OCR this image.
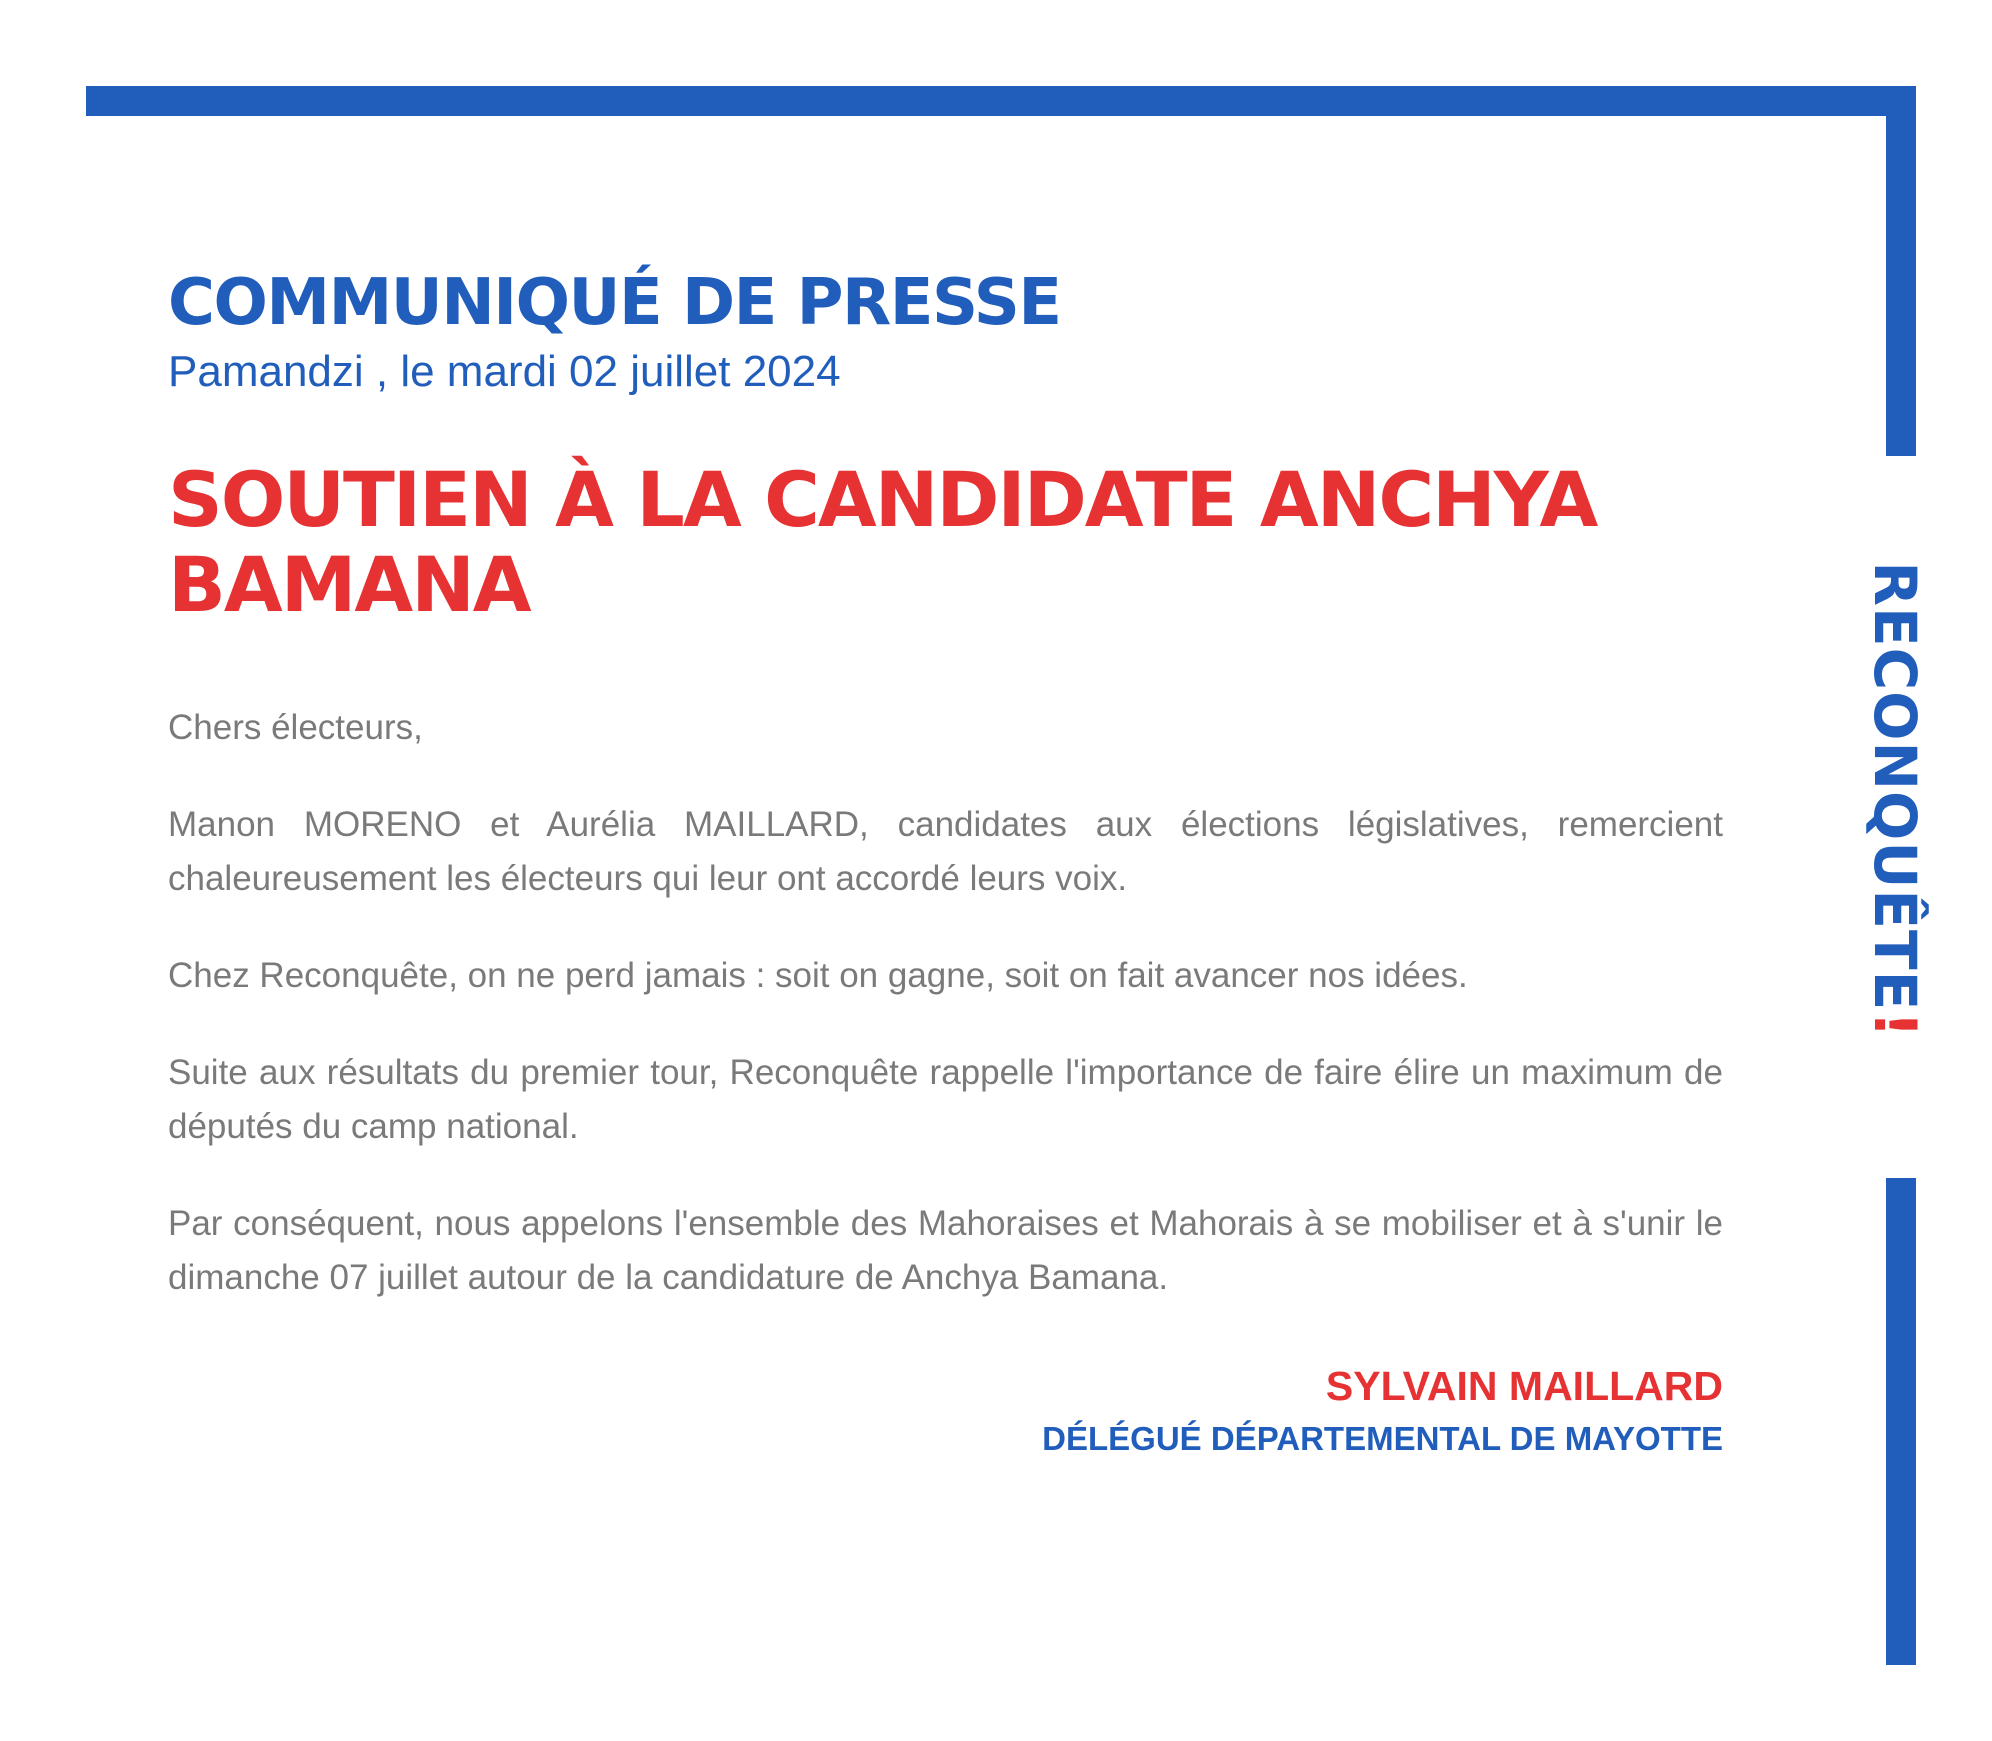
RECONQUÊTE!
COMMUNIQUÉ DE PRESSE
Pamandzi , le mardi 02 juillet 2024
SOUTIEN À LA CANDIDATE ANCHYA BAMANA

Chers électeurs,

Manon MORENO et Aurélia MAILLARD, candidates aux élections législatives, remercient chaleureusement les électeurs qui leur ont accordé leurs voix.

Chez Reconquête, on ne perd jamais : soit on gagne, soit on fait avancer nos idées.

Suite aux résultats du premier tour, Reconquête rappelle l'importance de faire élire un maximum de députés du camp national.

Par conséquent, nous appelons l'ensemble des Mahoraises et Mahorais à se mobiliser et à s'unir le dimanche 07 juillet autour de la candidature de Anchya Bamana.

SYLVAIN MAILLARD
DÉLÉGUÉ DÉPARTEMENTAL DE MAYOTTE
